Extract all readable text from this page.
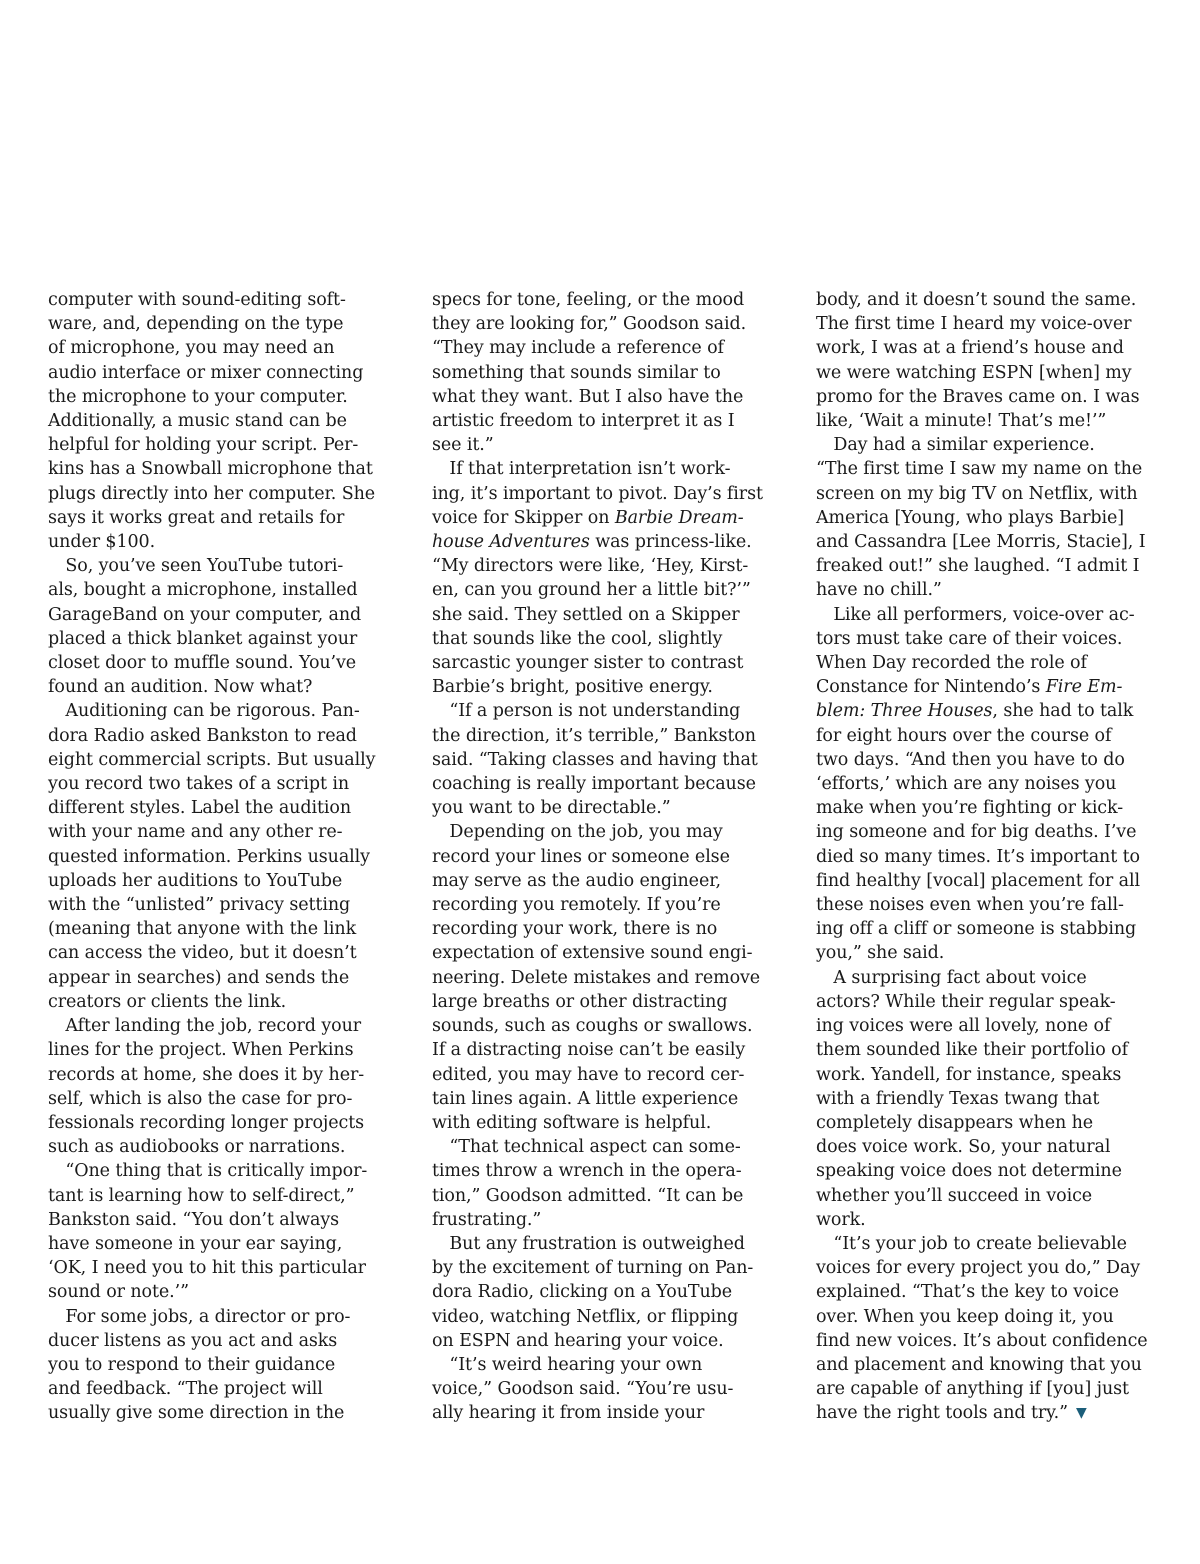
computer with sound-editing soft-
ware, and, depending on the type
of microphone, you may need an
audio interface or mixer connecting
the microphone to your computer.
Additionally, a music stand can be
helpful for holding your script. Per-
kins has a Snowball microphone that
plugs directly into her computer. She
says it works great and retails for
under $100.

 So, you’ve seen YouTube tutori-
als, bought a microphone, installed
GarageBand on your computer, and
placed a thick blanket against your
closet door to muffle sound. You’ve
found an audition. Now what?

 Auditioning can be rigorous. Pan-
dora Radio asked Bankston to read
eight commercial scripts. But usually
you record two takes of a script in
different styles. Label the audition
with your name and any other re-
quested information. Perkins usually
uploads her auditions to YouTube
with the “unlisted” privacy setting
(meaning that anyone with the link
can access the video, but it doesn’t
appear in searches) and sends the
creators or clients the link.

 After landing the job, record your
lines for the project. When Perkins
records at home, she does it by her-
self, which is also the case for pro-
fessionals recording longer projects
such as audiobooks or narrations.

 “One thing that is critically impor-
tant is learning how to self-direct,”
Bankston said. “You don’t always
have someone in your ear saying,
‘OK, I need you to hit this particular
sound or note.’”

 For some jobs, a director or pro-
ducer listens as you act and asks
you to respond to their guidance
and feedback. “The project will
usually give some direction in the

specs for tone, feeling, or the mood
they are looking for,” Goodson said.
“They may include a reference of
something that sounds similar to
what they want. But I also have the
artistic freedom to interpret it as I
see it.”

 If that interpretation isn’t work-
ing, it’s important to pivot. Day’s first
voice for Skipper on Barbie Dream-
house Adventures was princess-like.
“My directors were like, ‘Hey, Kirst-
en, can you ground her a little bit?’”
she said. They settled on a Skipper
that sounds like the cool, slightly
sarcastic younger sister to contrast
Barbie’s bright, positive energy.

 “If a person is not understanding
the direction, it’s terrible,” Bankston
said. “Taking classes and having that
coaching is really important because
you want to be directable.”

 Depending on the job, you may
record your lines or someone else
may serve as the audio engineer,
recording you remotely. If you’re
recording your work, there is no
expectation of extensive sound engi-
neering. Delete mistakes and remove
large breaths or other distracting
sounds, such as coughs or swallows.
If a distracting noise can’t be easily
edited, you may have to record cer-
tain lines again. A little experience
with editing software is helpful.

 “That technical aspect can some-
times throw a wrench in the opera-
tion,” Goodson admitted. “It can be
frustrating.”

 But any frustration is outweighed
by the excitement of turning on Pan-
dora Radio, clicking on a YouTube
video, watching Netflix, or flipping
on ESPN and hearing your voice.

 “It’s weird hearing your own
voice,” Goodson said. “You’re usu-
ally hearing it from inside your

body, and it doesn’t sound the same.
The first time I heard my voice-over
work, I was at a friend’s house and
we were watching ESPN [when] my
promo for the Braves came on. I was
like, ‘Wait a minute! That’s me!’”

 Day had a similar experience.
“The first time I saw my name on the
screen on my big TV on Netflix, with
America [Young, who plays Barbie]
and Cassandra [Lee Morris, Stacie], I
freaked out!” she laughed. “I admit I
have no chill.”

 Like all performers, voice-over ac-
tors must take care of their voices.
When Day recorded the role of
Constance for Nintendo’s Fire Em-
blem: Three Houses, she had to talk
for eight hours over the course of
two days. “And then you have to do
‘efforts,’ which are any noises you
make when you’re fighting or kick-
ing someone and for big deaths. I’ve
died so many times. It’s important to
find healthy [vocal] placement for all
these noises even when you’re fall-
ing off a cliff or someone is stabbing
you,” she said.

 A surprising fact about voice
actors? While their regular speak-
ing voices were all lovely, none of
them sounded like their portfolio of
work. Yandell, for instance, speaks
with a friendly Texas twang that
completely disappears when he
does voice work. So, your natural
speaking voice does not determine
whether you’ll succeed in voice
work.

 “It’s your job to create believable
voices for every project you do,” Day
explained. “That’s the key to voice
over. When you keep doing it, you
find new voices. It’s about confidence
and placement and knowing that you
are capable of anything if [you] just
have the right tools and try.” ▼
